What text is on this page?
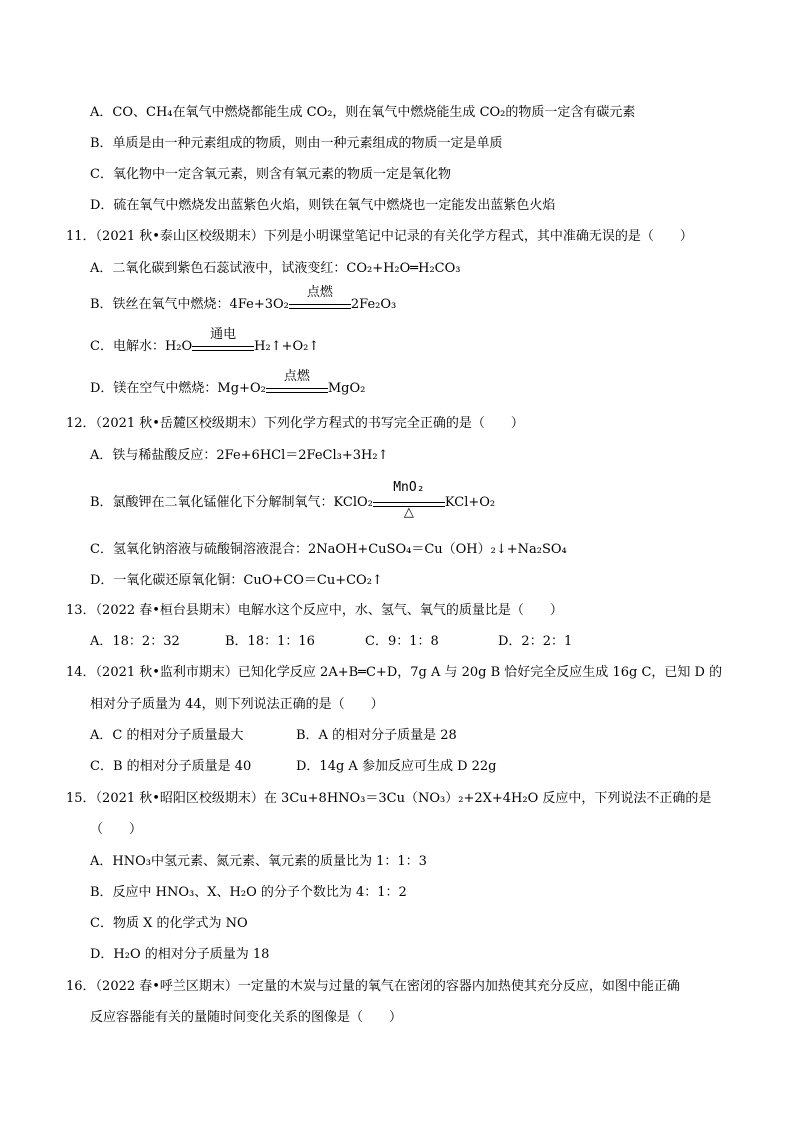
A．CO、CH₄在氧气中燃烧都能生成 CO₂，则在氧气中燃烧能生成 CO₂的物质一定含有碳元素
B．单质是由一种元素组成的物质，则由一种元素组成的物质一定是单质
C．氧化物中一定含氧元素，则含有氧元素的物质一定是氧化物
D．硫在氧气中燃烧发出蓝紫色火焰，则铁在氧气中燃烧也一定能发出蓝紫色火焰
11．（2021 秋•泰山区校级期末）下列是小明课堂笔记中记录的有关化学方程式，其中准确无误的是（　　）
A．二氧化碳到紫色石蕊试液中，试液变红：CO₂+H₂O═H₂CO₃
B．铁丝在氧气中燃烧：4Fe+3O₂
点燃
2Fe₂O₃
C．电解水：H₂O
通电
H₂↑+O₂↑
D．镁在空气中燃烧：Mg+O₂
点燃
MgO₂
12．（2021 秋•岳麓区校级期末）下列化学方程式的书写完全正确的是（　　）
A．铁与稀盐酸反应：2Fe+6HCl＝2FeCl₃+3H₂↑
B．氯酸钾在二氧化锰催化下分解制氧气：KClO₂
MnO₂
△
KCl+O₂
C．氢氧化钠溶液与硫酸铜溶液混合：2NaOH+CuSO₄＝Cu（OH）₂↓+Na₂SO₄
D．一氧化碳还原氧化铜：CuO+CO＝Cu+CO₂↑
13．（2022 春•桓台县期末）电解水这个反应中，水、氢气、氧气的质量比是（　　）
A．18：2：32	B．18：1：16	C．9：1：8	D．2：2：1
14．（2021 秋•监利市期末）已知化学反应 2A+B═C+D，7g A 与 20g B 恰好完全反应生成 16g C，已知 D 的
相对分子质量为 44，则下列说法正确的是（　　）
A．C 的相对分子质量最大	B．A 的相对分子质量是 28
C．B 的相对分子质量是 40	D．14g A 参加反应可生成 D 22g
15．（2021 秋•昭阳区校级期末）在 3Cu+8HNO₃＝3Cu（NO₃）₂+2X+4H₂O 反应中，下列说法不正确的是
（　　）
A．HNO₃中氢元素、氮元素、氧元素的质量比为 1：1：3
B．反应中 HNO₃、X、H₂O 的分子个数比为 4：1：2
C．物质 X 的化学式为 NO
D．H₂O 的相对分子质量为 18
16．（2022 春•呼兰区期末）一定量的木炭与过量的氧气在密闭的容器内加热使其充分反应，如图中能正确
反应容器能有关的量随时间变化关系的图像是（　　）
